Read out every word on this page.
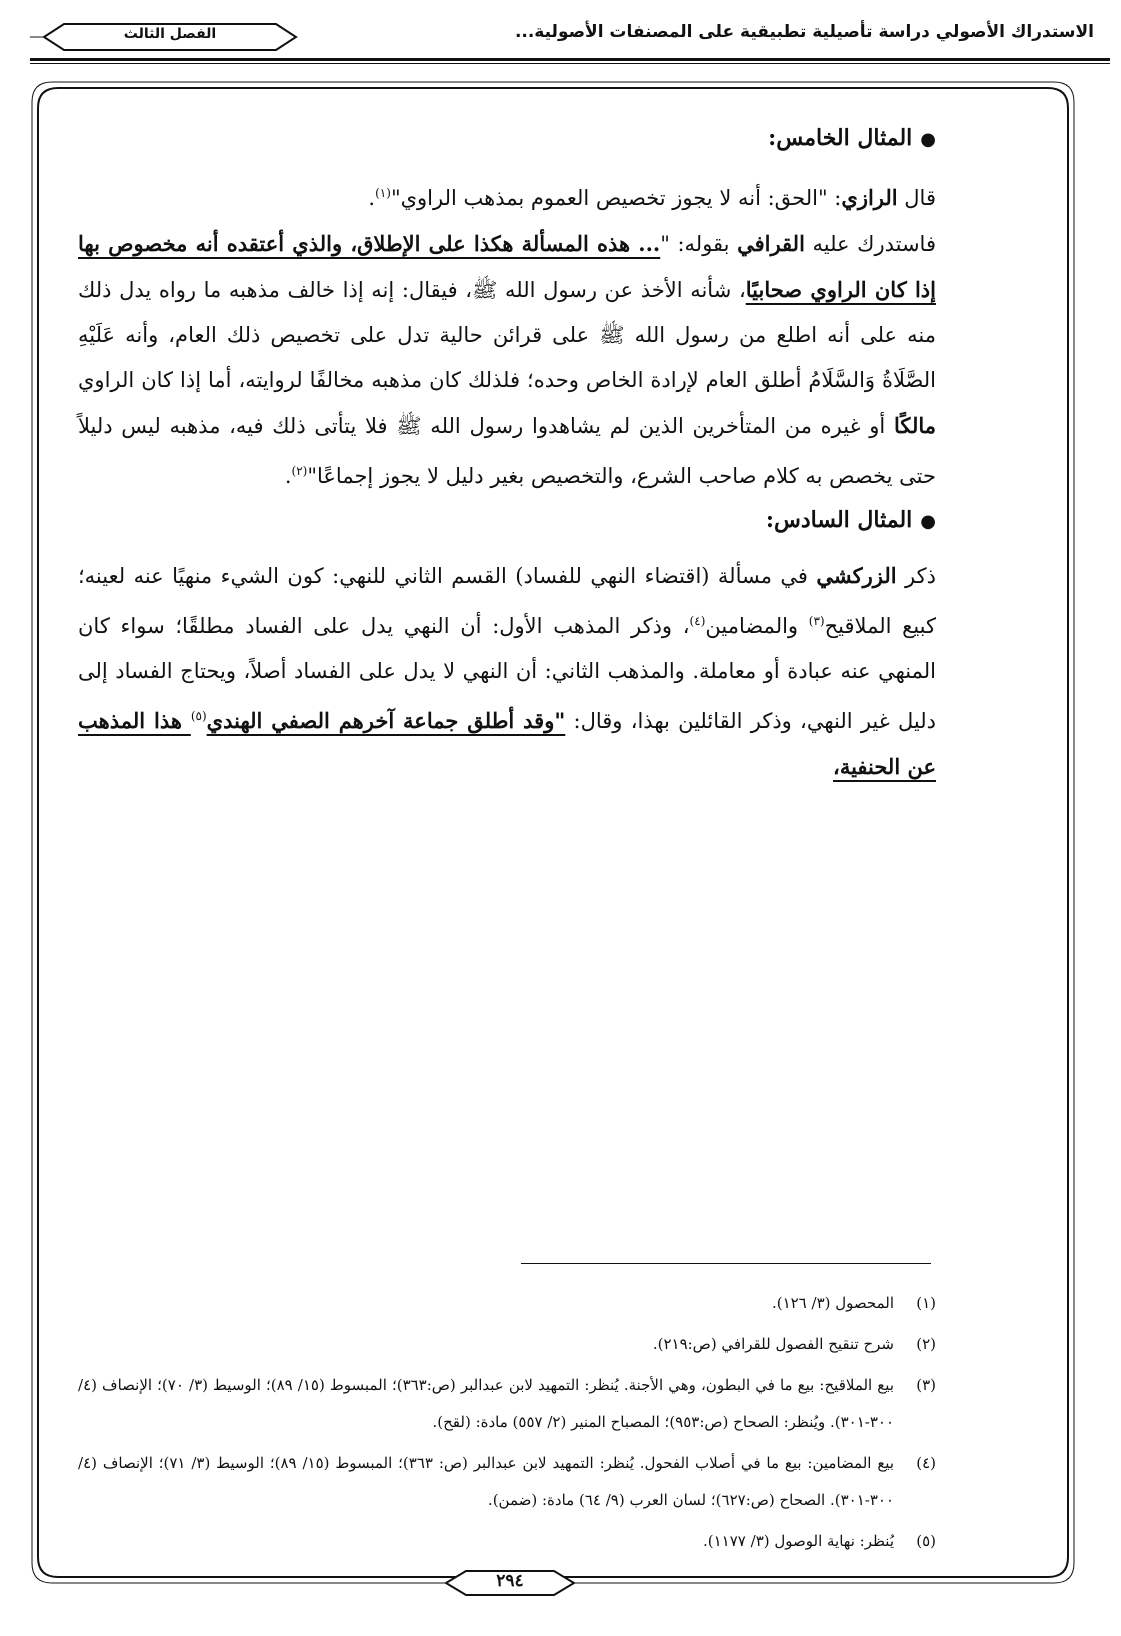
الاستدراك الأصولي دراسة تأصيلية تطبيقية على المصنفات الأصولية...
الفصل الثالث
●المثال الخامس:

قال الرازي: "الحق: أنه لا يجوز تخصيص العموم بمذهب الراوي"$^{(١)}$.

فاستدرك عليه القرافي بقوله: "... هذه المسألة هكذا على الإطلاق، والذي أعتقده أنه مخصوص بها إذا كان الراوي صحابيًا، شأنه الأخذ عن رسول الله ﷺ، فيقال: إنه إذا خالف مذهبه ما رواه يدل ذلك منه على أنه اطلع من رسول الله ﷺ على قرائن حالية تدل على تخصيص ذلك العام، وأنه عَلَيْهِ الصَّلَاةُ وَالسَّلَامُ أطلق العام لإرادة الخاص وحده؛ فلذلك كان مذهبه مخالفًا لروايته، أما إذا كان الراوي مالكًا أو غيره من المتأخرين الذين لم يشاهدوا رسول الله ﷺ فلا يتأتى ذلك فيه، مذهبه ليس دليلاً حتى يخصص به كلام صاحب الشرع، والتخصيص بغير دليل لا يجوز إجماعًا"$^{(٢)}$.

●المثال السادس:

ذكر الزركشي في مسألة (اقتضاء النهي للفساد) القسم الثاني للنهي: كون الشيء منهيًا عنه لعينه؛ كبيع الملاقيح$^{(٣)}$ والمضامين$^{(٤)}$، وذكر المذهب الأول: أن النهي يدل على الفساد مطلقًا؛ سواء كان المنهي عنه عبادة أو معاملة. والمذهب الثاني: أن النهي لا يدل على الفساد أصلاً، ويحتاج الفساد إلى دليل غير النهي، وذكر القائلين بهذا، وقال: "وقد أطلق جماعة آخرهم الصفي الهندي$^{(٥)}$ هذا المذهب عن الحنفية،

(١)
المحصول (٣/ ١٢٦).
(٢)
شرح تنقيح الفصول للقرافي (ص:٢١٩).
(٣)
بيع الملاقيح: بيع ما في البطون، وهي الأجنة. يُنظر: التمهيد لابن عبدالبر (ص:٣٦٣)؛ المبسوط (١٥/ ٨٩)؛ الوسيط (٣/ ٧٠)؛ الإنصاف (٤/ ٣٠٠-٣٠١). ويُنظر: الصحاح (ص:٩٥٣)؛ المصباح المنير (٢/ ٥٥٧) مادة: (لقح).
(٤)
بيع المضامين: بيع ما في أصلاب الفحول. يُنظر: التمهيد لابن عبدالبر (ص: ٣٦٣)؛ المبسوط (١٥/ ٨٩)؛ الوسيط (٣/ ٧١)؛ الإنصاف (٤/ ٣٠٠-٣٠١). الصحاح (ص:٦٢٧)؛ لسان العرب (٩/ ٦٤) مادة: (ضمن).
(٥)
يُنظر: نهاية الوصول (٣/ ١١٧٧).
٢٩٤
